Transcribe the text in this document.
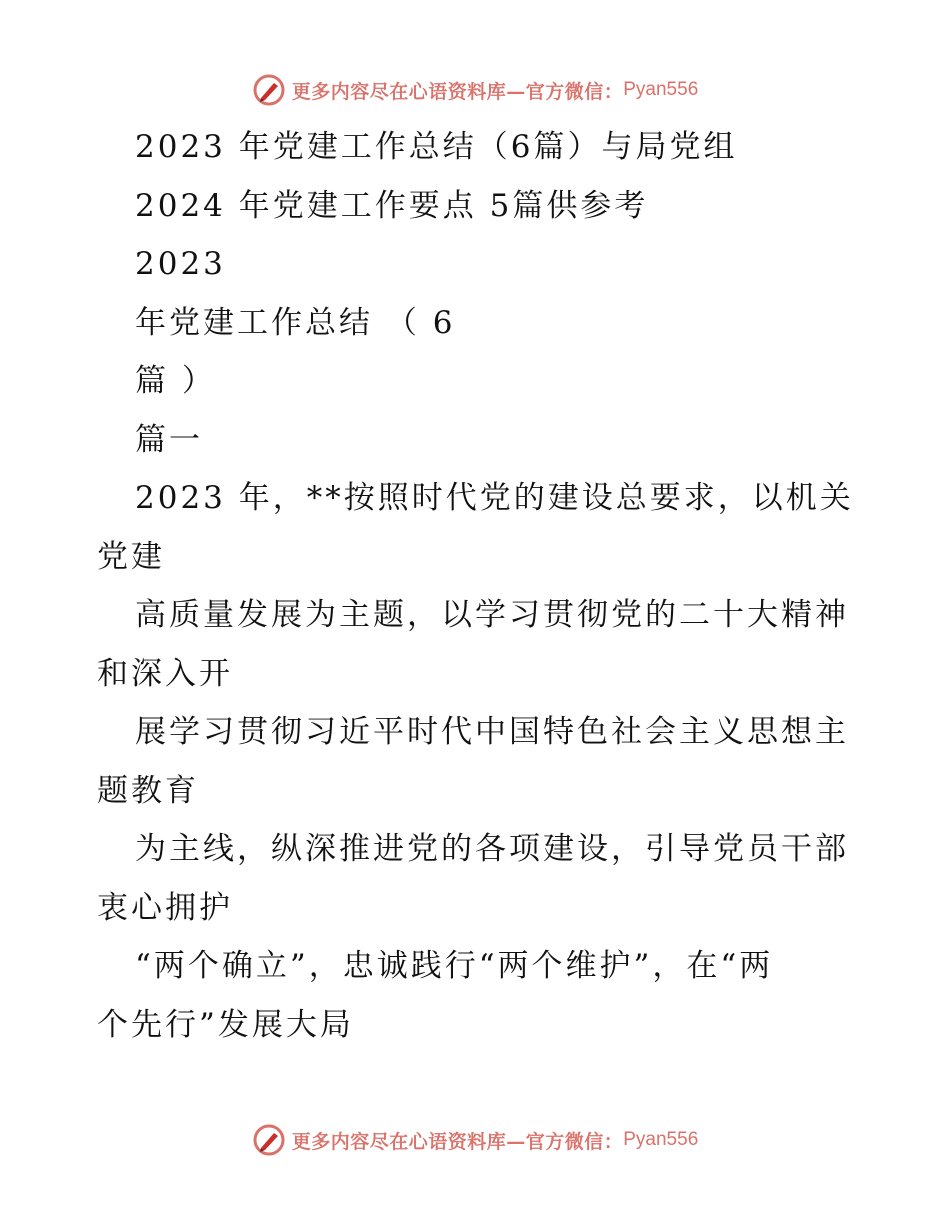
更多内容尽在心语资料库—官方微信： Pyan556
2023 年党建工作总结（6篇）与局党组
2024 年党建工作要点 5篇供参考
2023
年党建工作总结 （ 6
篇 ）
篇一
2023 年，**按照时代党的建设总要求，以机关
党建
高质量发展为主题，以学习贯彻党的二十大精神
和深入开
展学习贯彻习近平时代中国特色社会主义思想主
题教育
为主线，纵深推进党的各项建设，引导党员干部
衷心拥护
“两个确立”，忠诚践行“两个维护”，在“两
个先行”发展大局
更多内容尽在心语资料库—官方微信： Pyan556
